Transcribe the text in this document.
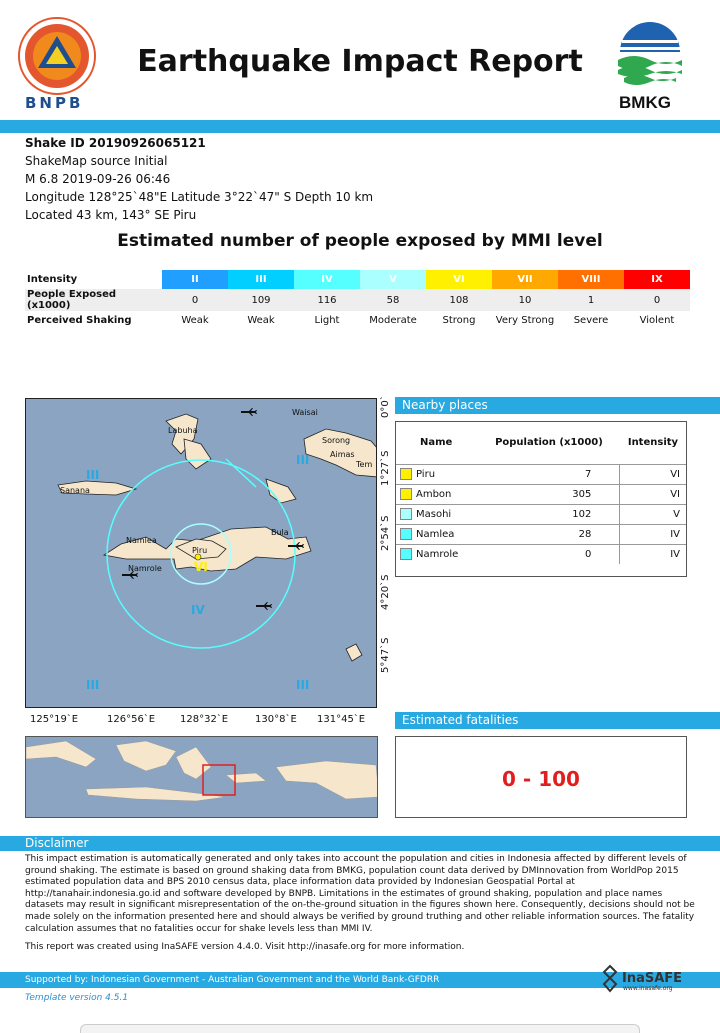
BNPB
Earthquake Impact Report
BMKG
Shake ID 20190926065121
ShakeMap source Initial
M 6.8 2019-09-26 06:46
Longitude 128°25`48"E Latitude 3°22`47" S Depth 10 km
Located 43 km, 143° SE Piru
Estimated number of people exposed by MMI level
Intensity	II	III	IV	V	VI	VII	VIII	IX
People Exposed (x1000)	0	109	116	58	108	10	1	0
Perceived Shaking	Weak	Weak	Light	Moderate	Strong	Very Strong	Severe	Violent
Waisai
Labuha
Sorong
Aimas
Tem
Sanana
Namlea
Piru
Bula
Namrole
III
III
IV
III	III
VI
0°0`
1°27`S
2°54`S
4°20`S
5°47`S
125°19`E	126°56`E 128°32`E	130°8`E 131°45`E
Nearby places
Name	Population (x1000)	Intensity
Piru	7	VI
Ambon	305	VI
Masohi	102	V
Namlea	28	IV
Namrole	0	IV
Estimated fatalities
0 - 100
Disclaimer
This impact estimation is automatically generated and only takes into account the population and cities in Indonesia affected by different levels of ground shaking. The estimate is based on ground shaking data from BMKG, population count data derived by DMInnovation from WorldPop 2015 estimated population data and BPS 2010 census data, place information data provided by Indonesian Geospatial Portal at http://tanahair.indonesia.go.id and software developed by BNPB. Limitations in the estimates of ground shaking, population and place names datasets may result in significant misrepresentation of the on-the-ground situation in the figures shown here. Consequently, decisions should not be made solely on the information presented here and should always be verified by ground truthing and other reliable information sources. The fatality calculation assumes that no fatalities occur for shake levels less than MMI IV.
This report was created using InaSAFE version 4.4.0. Visit http://inasafe.org for more information.
Supported by: Indonesian Government - Australian Government and the World Bank-GFDRR
Template version 4.5.1
InaSAFE
www.inasafe.org
